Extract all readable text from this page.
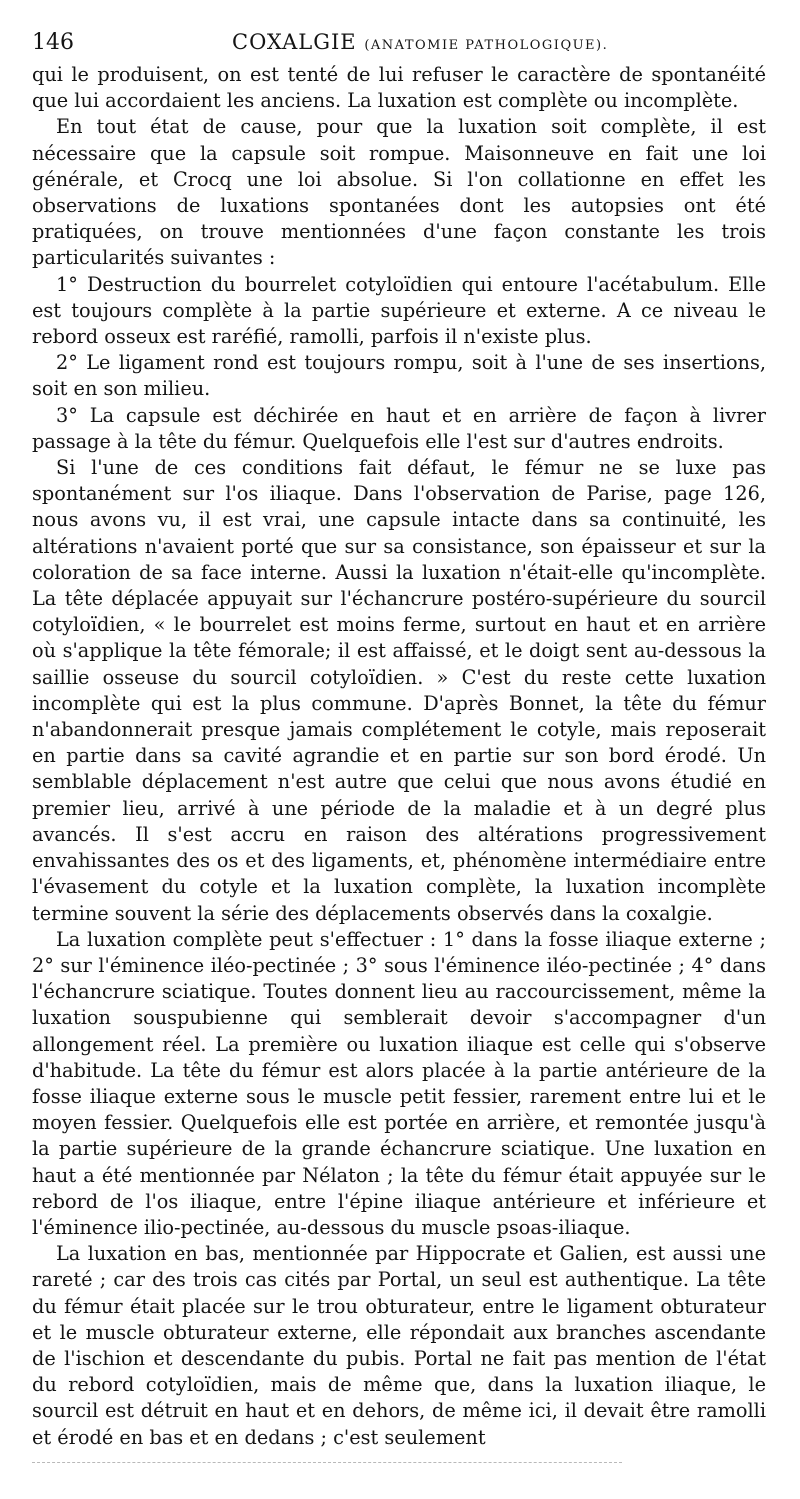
146	COXALGIE (ANATOMIE PATHOLOGIQUE).

qui le produisent, on est tenté de lui refuser le caractère de spontanéité que lui accordaient les anciens. La luxation est complète ou incomplète.

En tout état de cause, pour que la luxation soit complète, il est nécessaire que la capsule soit rompue. Maisonneuve en fait une loi générale, et Crocq une loi absolue. Si l'on collationne en effet les observations de luxations spontanées dont les autopsies ont été pratiquées, on trouve mentionnées d'une façon constante les trois particularités suivantes :

1° Destruction du bourrelet cotyloïdien qui entoure l'acétabulum. Elle est toujours complète à la partie supérieure et externe. A ce niveau le rebord osseux est raréfié, ramolli, parfois il n'existe plus.

2° Le ligament rond est toujours rompu, soit à l'une de ses insertions, soit en son milieu.

3° La capsule est déchirée en haut et en arrière de façon à livrer passage à la tête du fémur. Quelquefois elle l'est sur d'autres endroits.

Si l'une de ces conditions fait défaut, le fémur ne se luxe pas spontanément sur l'os iliaque. Dans l'observation de Parise, page 126, nous avons vu, il est vrai, une capsule intacte dans sa continuité, les altérations n'avaient porté que sur sa consistance, son épaisseur et sur la coloration de sa face interne. Aussi la luxation n'était-elle qu'incomplète. La tête déplacée appuyait sur l'échancrure postéro-supérieure du sourcil cotyloïdien, « le bourrelet est moins ferme, surtout en haut et en arrière où s'applique la tête fémorale; il est affaissé, et le doigt sent au-dessous la saillie osseuse du sourcil cotyloïdien. » C'est du reste cette luxation incomplète qui est la plus commune. D'après Bonnet, la tête du fémur n'abandonnerait presque jamais complétement le cotyle, mais reposerait en partie dans sa cavité agrandie et en partie sur son bord érodé. Un semblable déplacement n'est autre que celui que nous avons étudié en premier lieu, arrivé à une période de la maladie et à un degré plus avancés. Il s'est accru en raison des altérations progressivement envahissantes des os et des ligaments, et, phénomène intermédiaire entre l'évasement du cotyle et la luxation complète, la luxation incomplète termine souvent la série des déplacements observés dans la coxalgie.

La luxation complète peut s'effectuer : 1° dans la fosse iliaque externe ; 2° sur l'éminence iléo-pectinée ; 3° sous l'éminence iléo-pectinée ; 4° dans l'échancrure sciatique. Toutes donnent lieu au raccourcissement, même la luxation souspubienne qui semblerait devoir s'accompagner d'un allongement réel. La première ou luxation iliaque est celle qui s'observe d'habitude. La tête du fémur est alors placée à la partie antérieure de la fosse iliaque externe sous le muscle petit fessier, rarement entre lui et le moyen fessier. Quelquefois elle est portée en arrière, et remontée jusqu'à la partie supérieure de la grande échancrure sciatique. Une luxation en haut a été mentionnée par Nélaton ; la tête du fémur était appuyée sur le rebord de l'os iliaque, entre l'épine iliaque antérieure et inférieure et l'éminence ilio-pectinée, au-dessous du muscle psoas-iliaque.

La luxation en bas, mentionnée par Hippocrate et Galien, est aussi une rareté ; car des trois cas cités par Portal, un seul est authentique. La tête du fémur était placée sur le trou obturateur, entre le ligament obturateur et le muscle obturateur externe, elle répondait aux branches ascendante de l'ischion et descendante du pubis. Portal ne fait pas mention de l'état du rebord cotyloïdien, mais de même que, dans la luxation iliaque, le sourcil est détruit en haut et en dehors, de même ici, il devait être ramolli et érodé en bas et en dedans ; c'est seulement
